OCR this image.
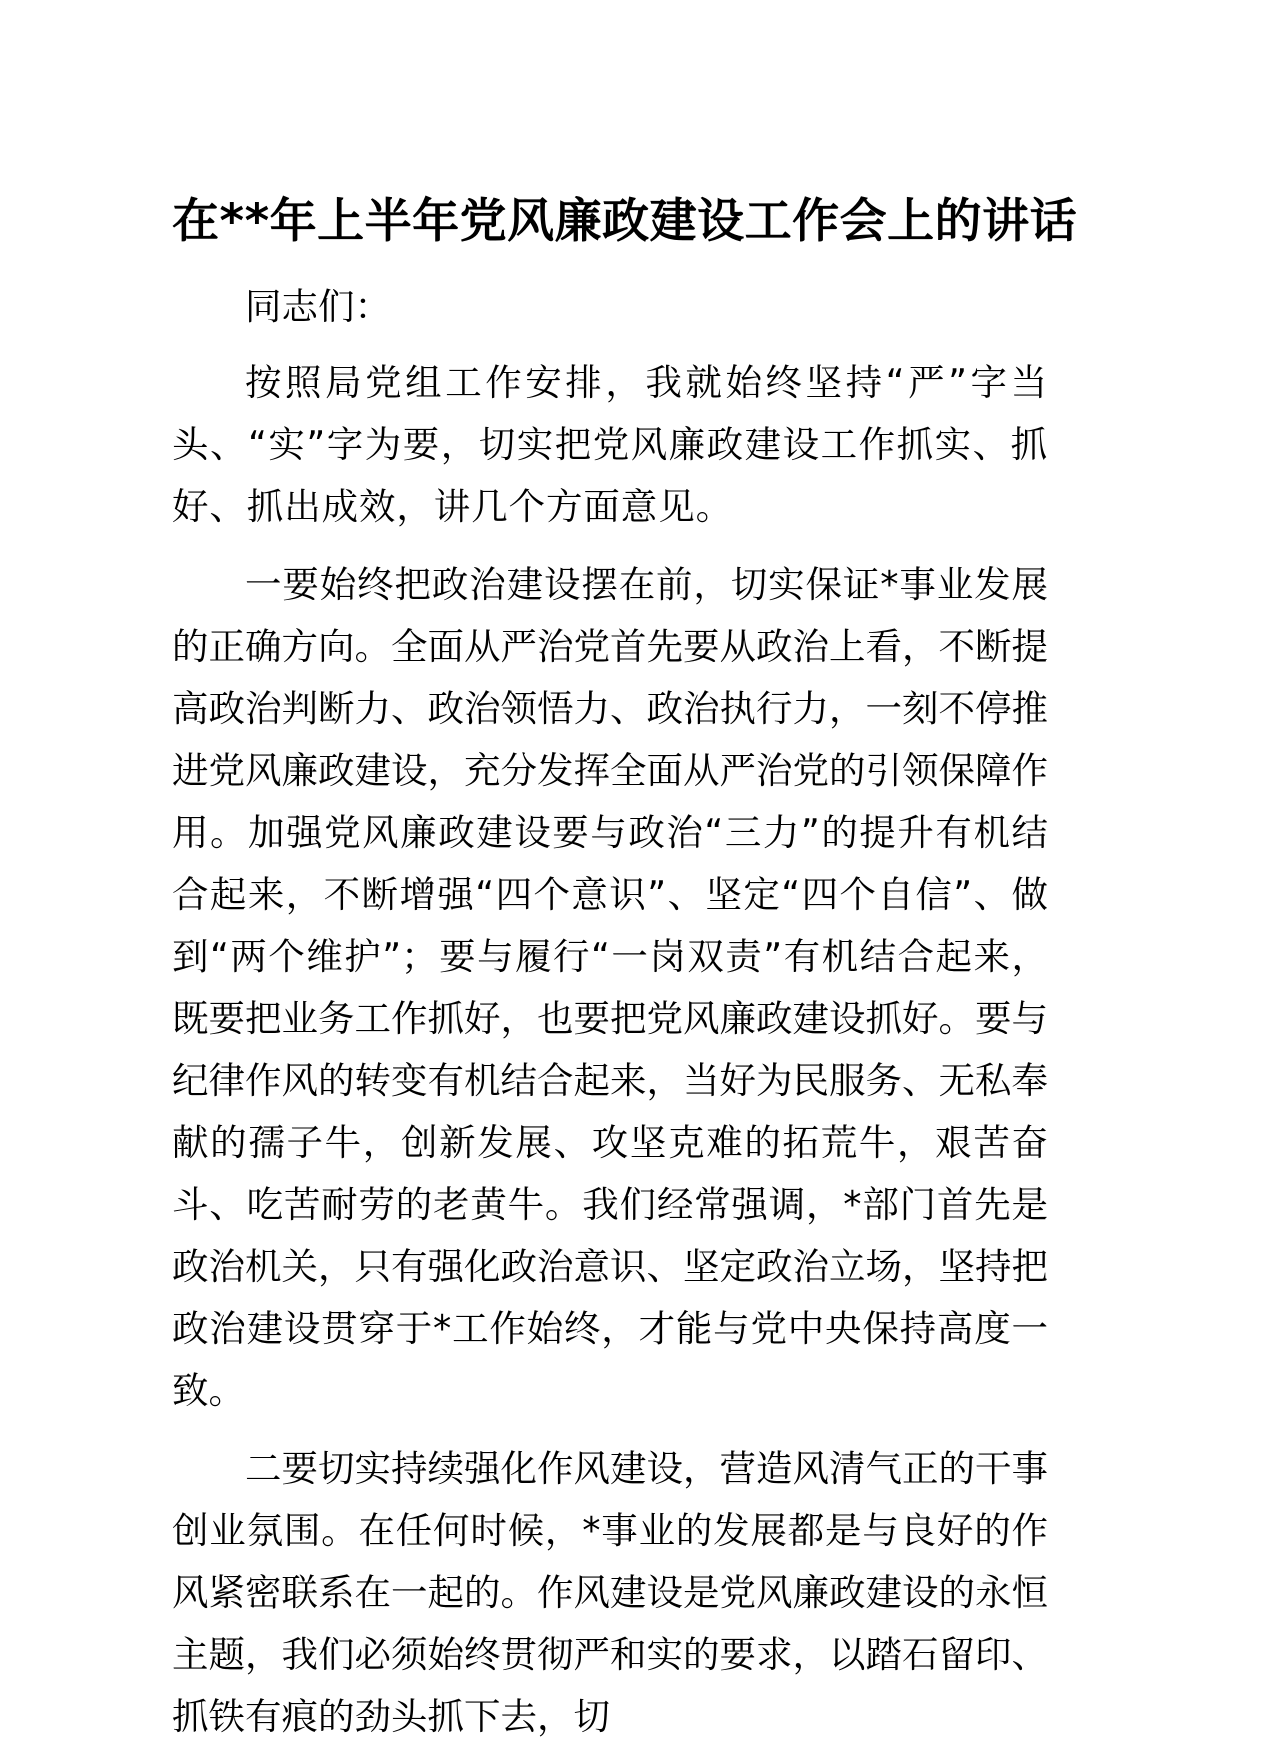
在**年上半年党风廉政建设工作会上的讲话

同志们：

按照局党组工作安排，我就始终坚持“严”字当头、“实”字为要，切实把党风廉政建设工作抓实、抓好、抓出成效，讲几个方面意见。

一要始终把政治建设摆在前，切实保证*事业发展的正确方向。全面从严治党首先要从政治上看，不断提高政治判断力、政治领悟力、政治执行力，一刻不停推进党风廉政建设，充分发挥全面从严治党的引领保障作用。加强党风廉政建设要与政治“三力”的提升有机结合起来，不断增强“四个意识”、坚定“四个自信”、做到“两个维护”；要与履行“一岗双责”有机结合起来，既要把业务工作抓好，也要把党风廉政建设抓好。要与纪律作风的转变有机结合起来，当好为民服务、无私奉献的孺子牛，创新发展、攻坚克难的拓荒牛，艰苦奋斗、吃苦耐劳的老黄牛。我们经常强调，*部门首先是政治机关，只有强化政治意识、坚定政治立场，坚持把政治建设贯穿于*工作始终，才能与党中央保持高度一致。

二要切实持续强化作风建设，营造风清气正的干事创业氛围。在任何时候，*事业的发展都是与良好的作风紧密联系在一起的。作风建设是党风廉政建设的永恒主题，我们必须始终贯彻严和实的要求，以踏石留印、抓铁有痕的劲头抓下去，切
